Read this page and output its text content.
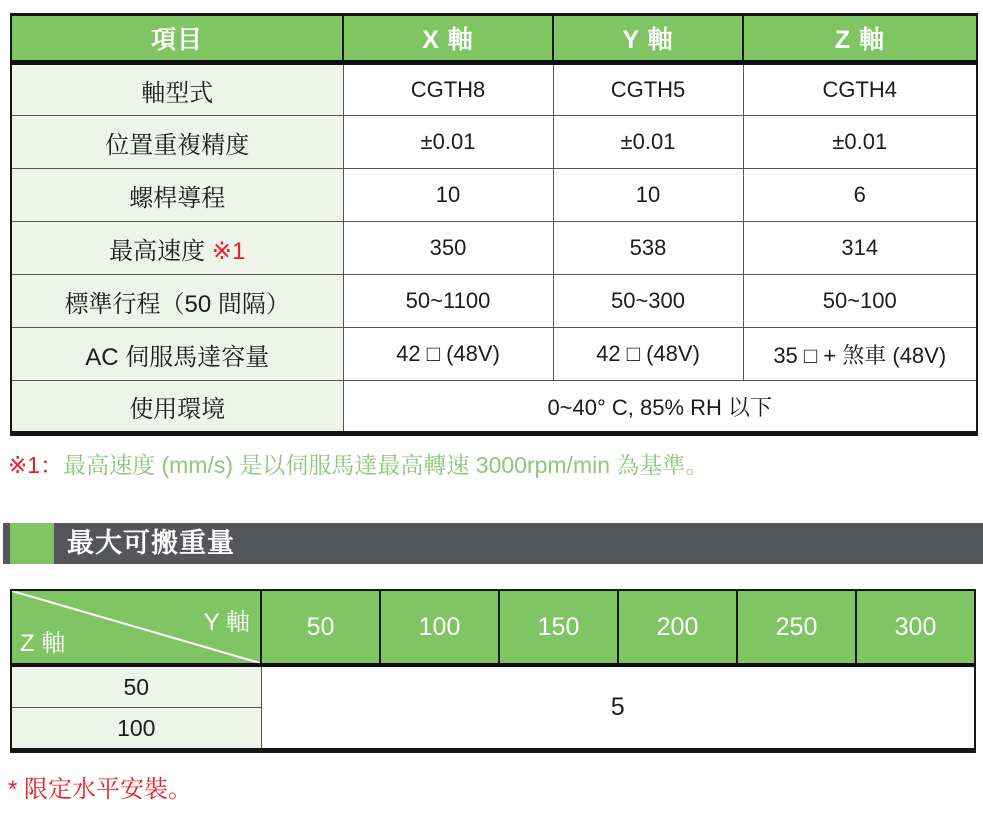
項目	X 軸	Y 軸	Z 軸
軸型式	CGTH8	CGTH5	CGTH4
位置重複精度	±0.01	±0.01	±0.01
螺桿導程	10	10	6
最高速度 ※1	350	538	314
標準行程（50 間隔）	50~1100	50~300	50~100
AC 伺服馬達容量	42 □ (48V)	42 □ (48V)	35 □ + 煞車 (48V)
使用環境	0~40° C, 85% RH 以下		
※1：最高速度 (mm/s) 是以伺服馬達最高轉速 3000rpm/min 為基準。
最大可搬重量
Y 軸
Z 軸	50	100	150	200	250	300
50	5					
100						
* 限定水平安裝。
